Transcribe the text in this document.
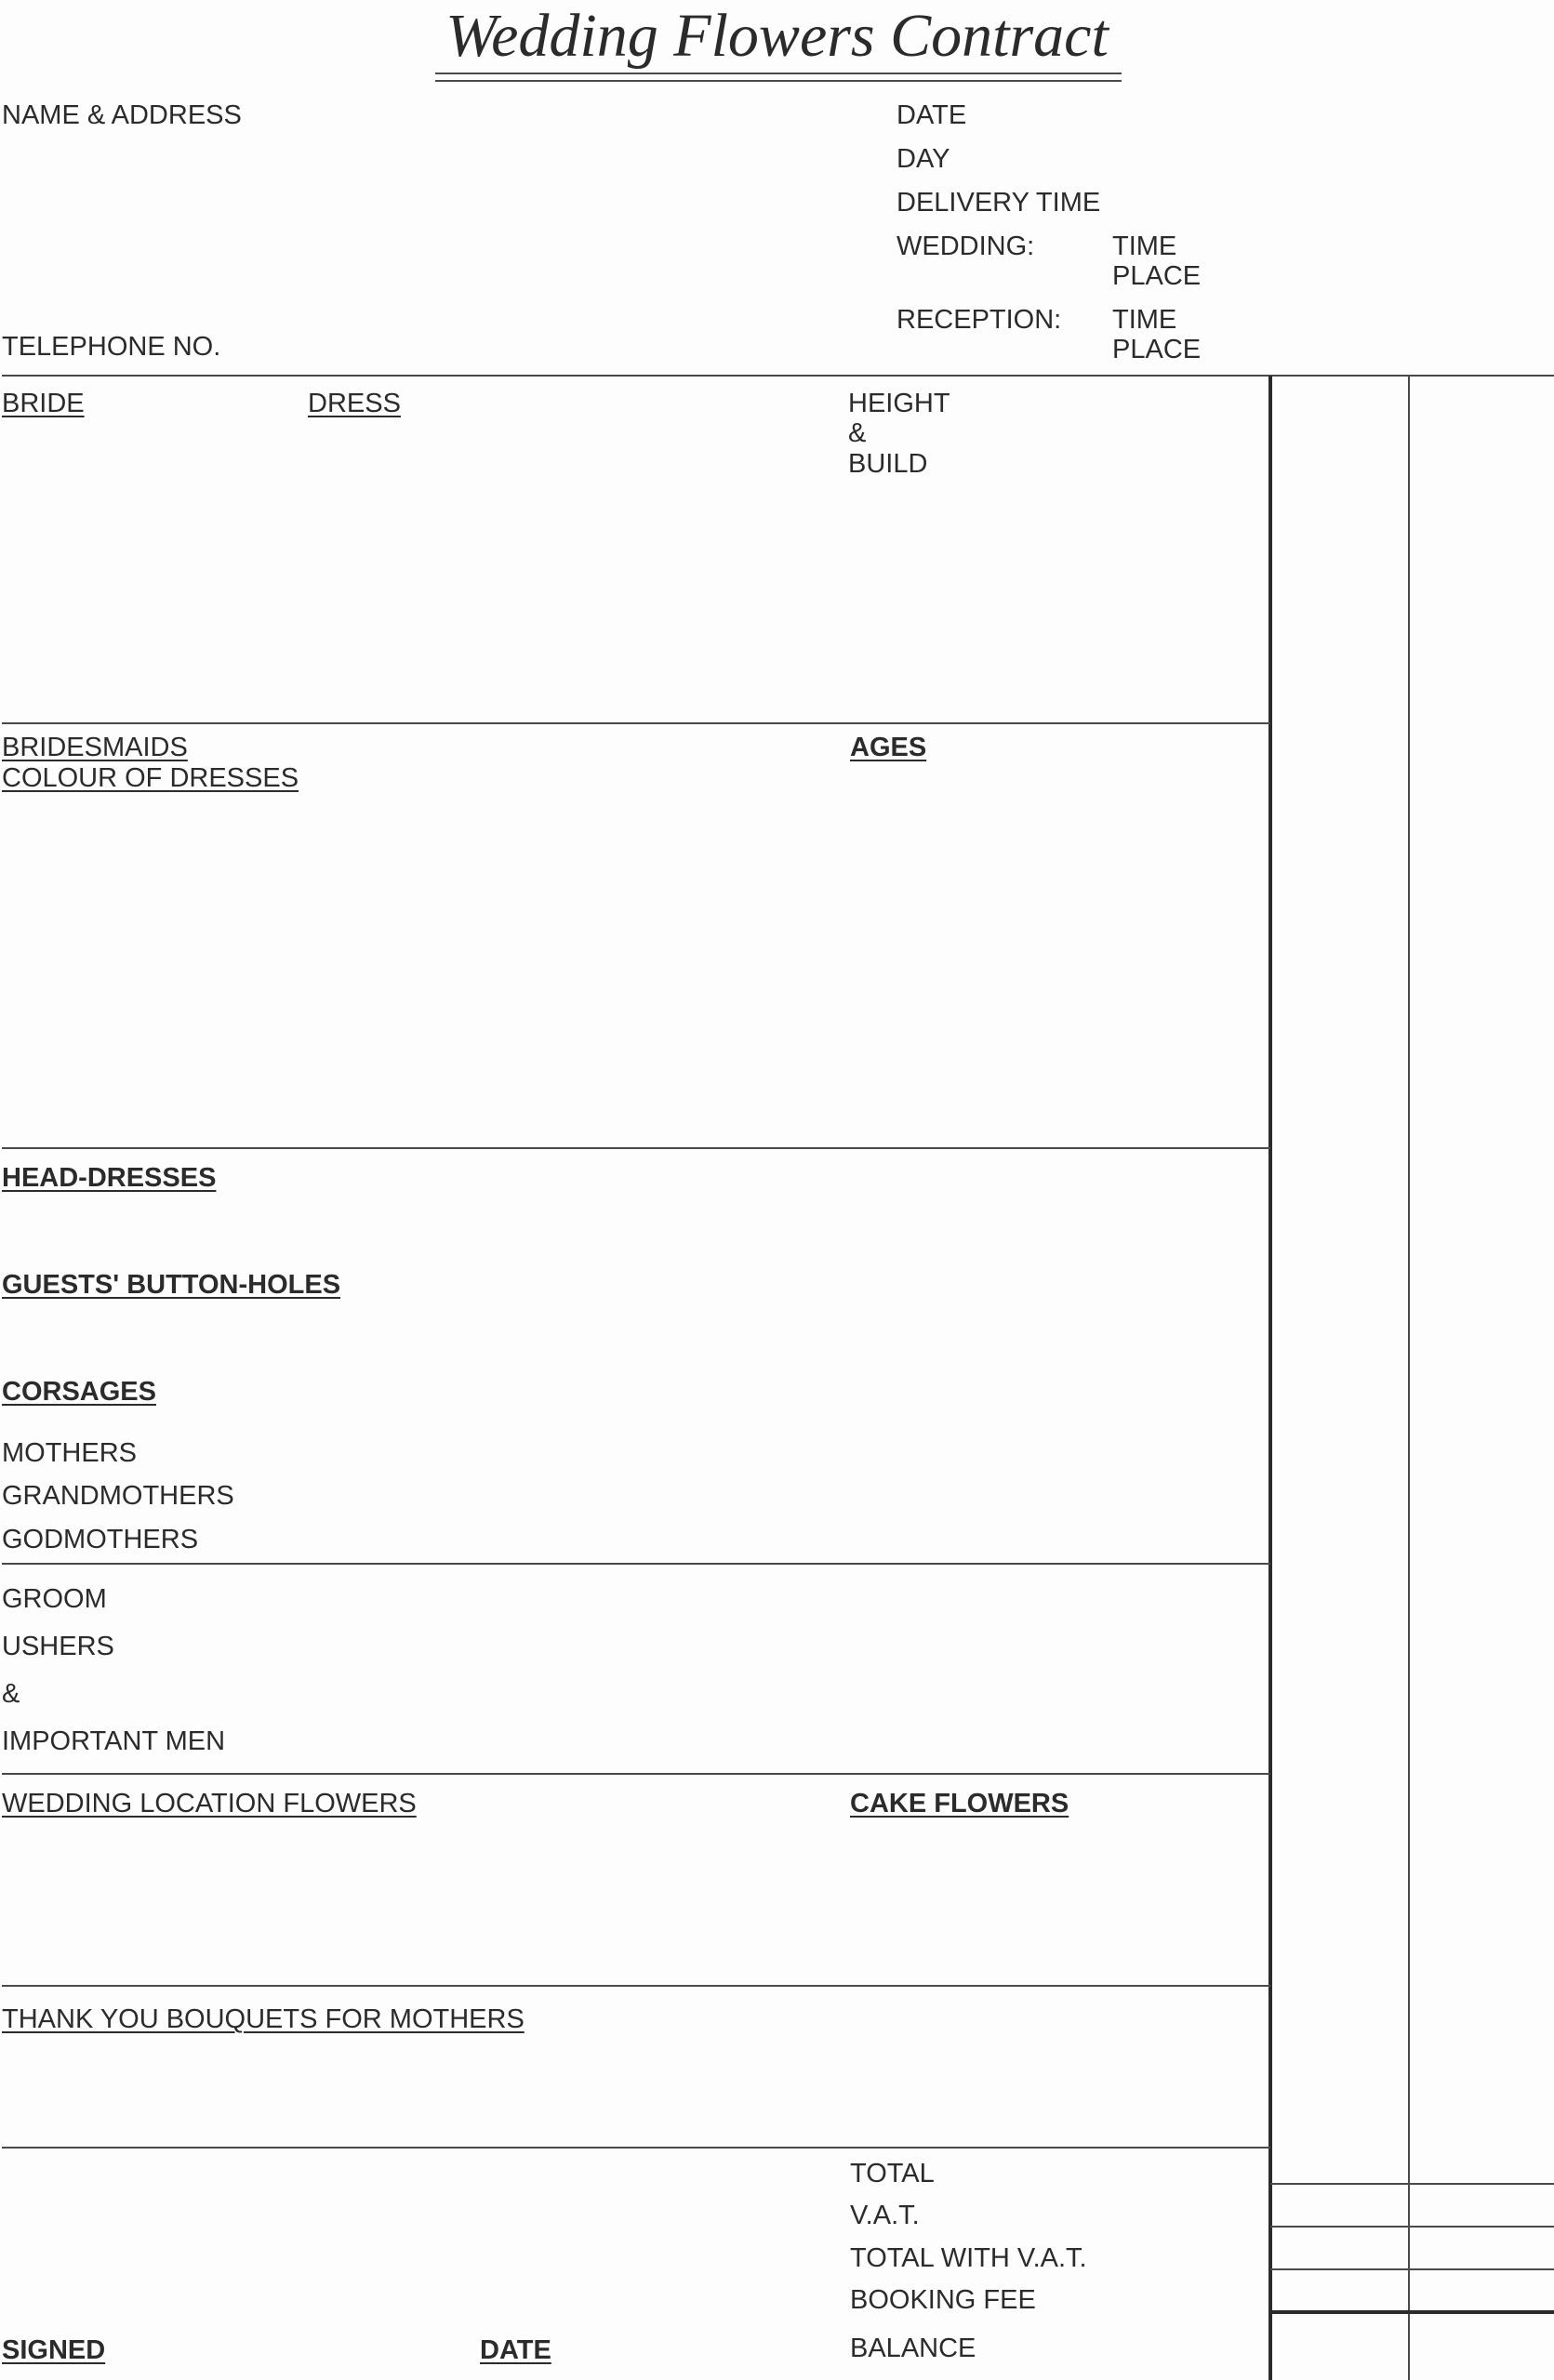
Wedding Flowers Contract
NAME & ADDRESS
TELEPHONE NO.
DATE
DAY
DELIVERY TIME
WEDDING:	TIME
PLACE
RECEPTION: TIME
PLACE
BRIDE	DRESS	HEIGHT
&
BUILD
BRIDESMAIDS
COLOUR OF DRESSES
AGES
HEAD-DRESSES
GUESTS' BUTTON-HOLES
CORSAGES
MOTHERS
GRANDMOTHERS
GODMOTHERS
GROOM
USHERS
&
IMPORTANT MEN
WEDDING LOCATION FLOWERS	CAKE FLOWERS
THANK YOU BOUQUETS FOR MOTHERS
TOTAL
V.A.T.
TOTAL WITH V.A.T.
BOOKING FEE
BALANCE
SIGNED	DATE
